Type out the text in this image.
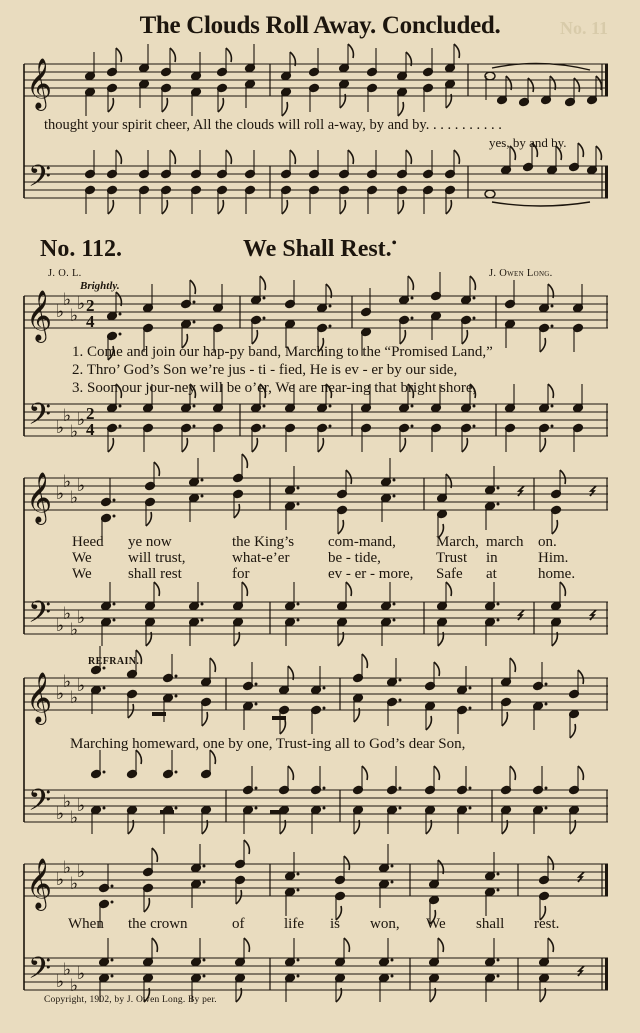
𝄞
𝄢
𝄞
𝄢
♭
♭
♭
♭
♭
♭
♭
♭
2
4
2
4
𝄞
𝄢
♭
♭
♭
♭
♭
♭
♭
♭
𝄞
𝄢
♭
♭
♭
♭
♭
♭
♭
♭
𝄞
𝄢
♭
♭
♭
♭
♭
♭
♭
♭
The Clouds Roll Away. Concluded.	No. 11
thought your spirit cheer, All the clouds will roll a-way, by and by. . . . . . . . . . .
yes, by and by.
No. 112.	We Shall Rest.•
J. O. L.	J. Owen Long.
Brightly.
1. Come and join our hap-py band, Marching to the “Promised Land,”
2. Thro’ God’s Son we’re jus - ti - fied, He is ev - er by our side,
3. Soon our jour-ney will be o’er, We are near-ing that bright shore,
Heed ye now	the King’s com-mand,	March, march on.
We will trust,	what-e’er	be - tide,	Trust in	Him.
We shall rest	for	ev - er - more, Safe at	home.
REFRAIN.
Marching homeward, one by one, Trust-ing all to God’s dear Son,
When the crown	of	life is won, We shall rest.
Copyright, 1902, by J. Owen Long. By per.
